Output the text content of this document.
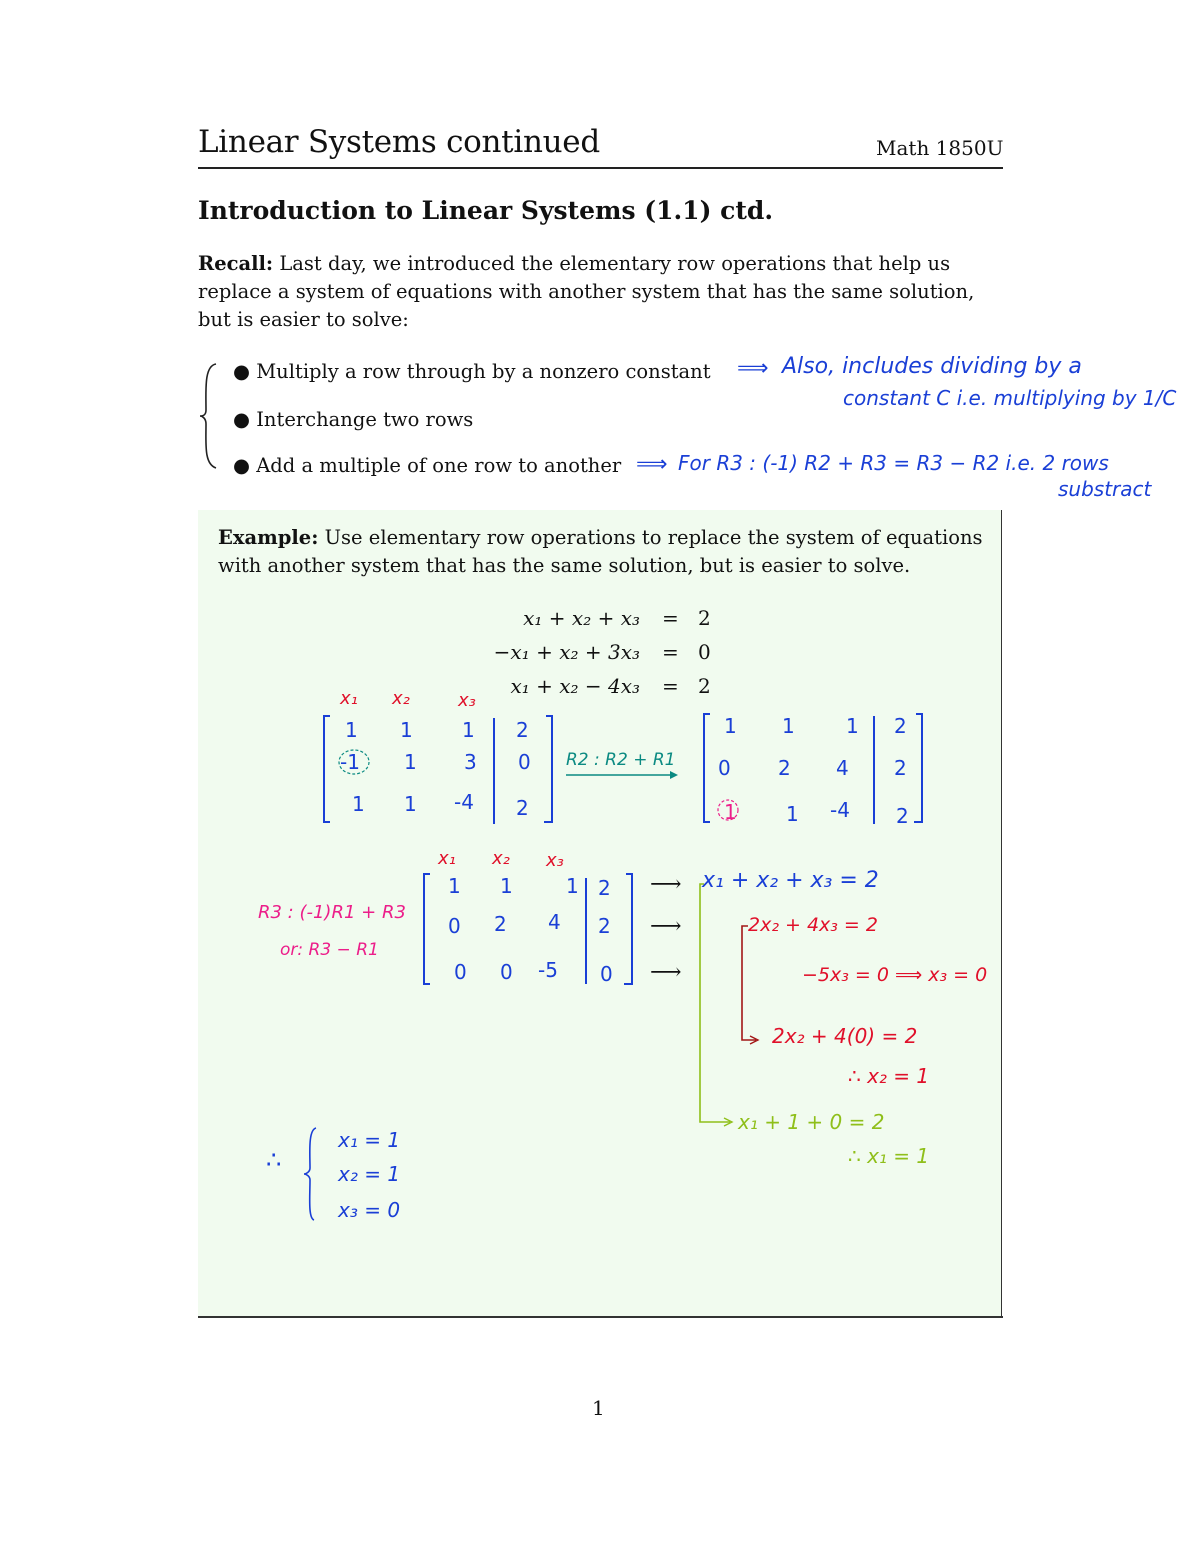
Linear Systems continued	Math 1850U
Introduction to Linear Systems (1.1) ctd.
Recall: Last day, we introduced the elementary row operations that help us
replace a system of equations with another system that has the same solution,
but is easier to solve:
● Multiply a row through by a nonzero constant
● Interchange two rows
● Add a multiple of one row to another
⟹ Also, includes dividing by a
constant C i.e. multiplying by 1/C
⟹ For R3 : (-1) R2 + R3 = R3 − R2 i.e. 2 rows
substract
Example: Use elementary row operations to replace the system of equations
with another system that has the same solution, but is easier to solve.
x₁ + x₂ + x₃ = 2
−x₁ + x₂ + 3x₃ = 0
x₁ + x₂ − 4x₃ = 2
x₁ x₂	x₃
1 1 1 2
-1 1 3 0
1 1 -4 2
R2 : R2 + R1
1 1	1 2
0 2 4 2
1 1 -4 2
x₁ x₂ x₃
R3 : (-1)R1 + R3
or: R3 − R1
1 1	1 2
0 2 4 2
0 0 -5 0
⟶
⟶
⟶
x₁ + x₂ + x₃ = 2
2x₂ + 4x₃ = 2
−5x₃ = 0 ⟹ x₃ = 0
2x₂ + 4(0) = 2
∴ x₂ = 1
x₁ + 1 + 0 = 2
∴ x₁ = 1
∴
x₁ = 1
x₂ = 1
x₃ = 0
1
